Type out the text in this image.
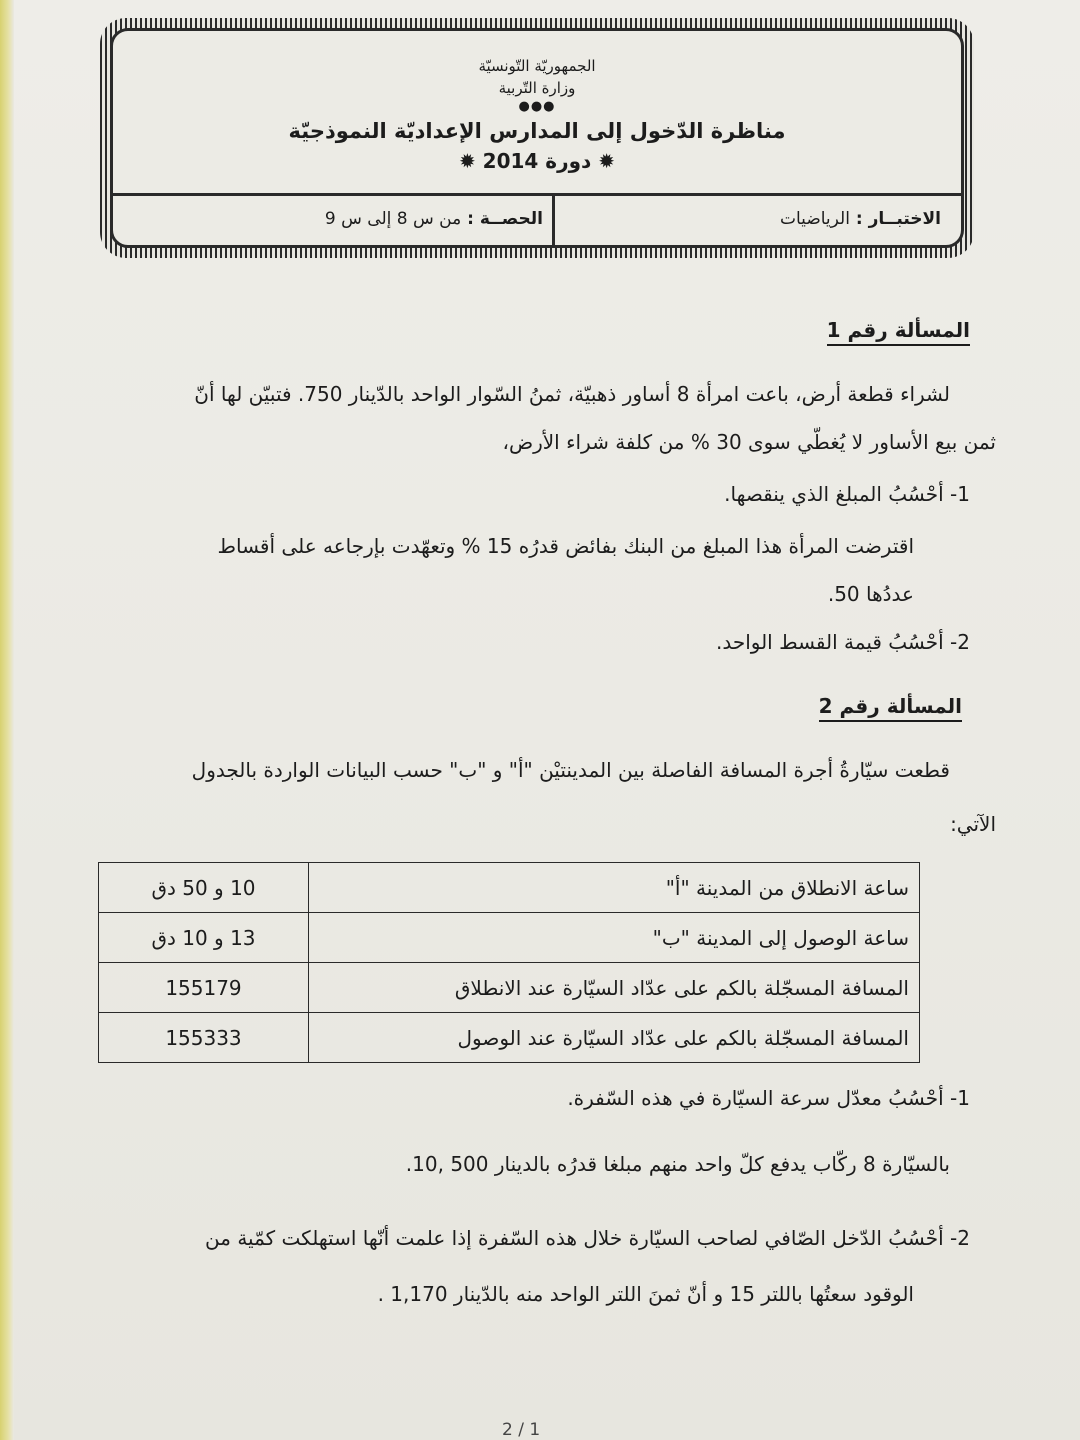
الجمهوريّة التّونسيّة
وزارة التّربية
●●●
مناظرة الدّخول إلى المدارس الإعداديّة النموذجيّة
✹ دورة 2014 ✹
الاختبــار : الرياضيات
الحصــة : من س 8 إلى س 9
المسألة رقم 1
لشراء قطعة أرض، باعت امرأة 8 أساور ذهبيّة، ثمنُ السّوار الواحد بالدّينار 750. فتبيّن لها أنّ
ثمن بيع الأساور لا يُغطّي سوى 30 % من كلفة شراء الأرض،
1- أحْسُبُ المبلغ الذي ينقصها.
اقترضت المرأة هذا المبلغ من البنك بفائض قدرُه 15 % وتعهّدت بإرجاعه على أقساط
عددُها 50.
2- أحْسُبُ قيمة القسط الواحد.
المسألة رقم 2
قطعت سيّارةُ أجرة المسافة الفاصلة بين المدينتيْن "أ" و "ب" حسب البيانات الواردة بالجدول
الآتي:
ساعة الانطلاق من المدينة "أ"	10 و 50 دق
ساعة الوصول إلى المدينة "ب"	13 و 10 دق
المسافة المسجّلة بالكم على عدّاد السيّارة عند الانطلاق	155179
المسافة المسجّلة بالكم على عدّاد السيّارة عند الوصول	155333
1- أحْسُبُ معدّل سرعة السيّارة في هذه السّفرة.
بالسيّارة 8 ركّاب يدفع كلّ واحد منهم مبلغا قدرُه بالدينار 500 ,10.
2- أحْسُبُ الدّخل الصّافي لصاحب السيّارة خلال هذه السّفرة إذا علمت أنّها استهلكت كمّية من
الوقود سعتُها باللتر 15 و أنّ ثمنَ اللتر الواحد منه بالدّينار 1,170 .
2 / 1
